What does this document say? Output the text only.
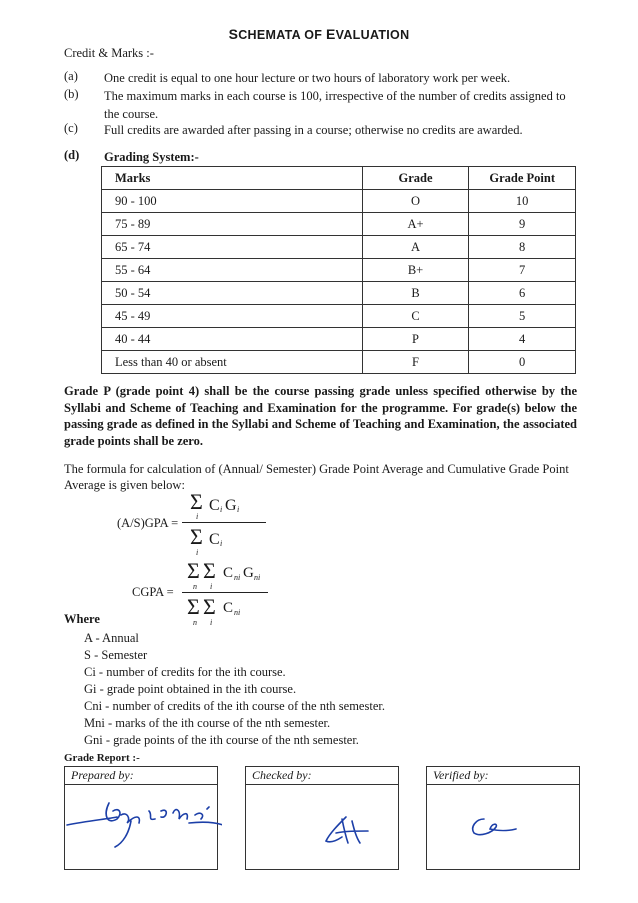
SCHEMATA OF EVALUATION
Credit & Marks :-
(a) One credit is equal to one hour lecture or two hours of laboratory work per week.
(b) The maximum marks in each course is 100, irrespective of the number of credits assigned to the course.
(c) Full credits are awarded after passing in a course; otherwise no credits are awarded.
(d) Grading System:-
Marks	Grade	Grade Point
90 - 100	O	10
75 - 89	A+	9
65 - 74	A	8
55 - 64	B+	7
50 - 54	B	6
45 - 49	C	5
40 - 44	P	4
Less than 40 or absent	F	0
Grade P (grade point 4) shall be the course passing grade unless specified otherwise by the Syllabi and Scheme of Teaching and Examination for the programme. For grade(s) below the passing grade as defined in the Syllabi and Scheme of Teaching and Examination, the associated grade points shall be zero.
The formula for calculation of (Annual/ Semester) Grade Point Average and Cumulative Grade Point Average is given below:
(A/S)GPA =
Σ
i
C i G i
Σ
i
C i
CGPA =
Σ Σ
n i
C ni G ni
Σ Σ
n i
C ni
Where
A - Annual
S - Semester
Ci - number of credits for the ith course.
Gi - grade point obtained in the ith course.
Cni - number of credits of the ith course of the nth semester.
Mni - marks of the ith course of the nth semester.
Gni - grade points of the ith course of the nth semester.
Grade Report :-
Prepared by:	Checked by:	Verified by:
